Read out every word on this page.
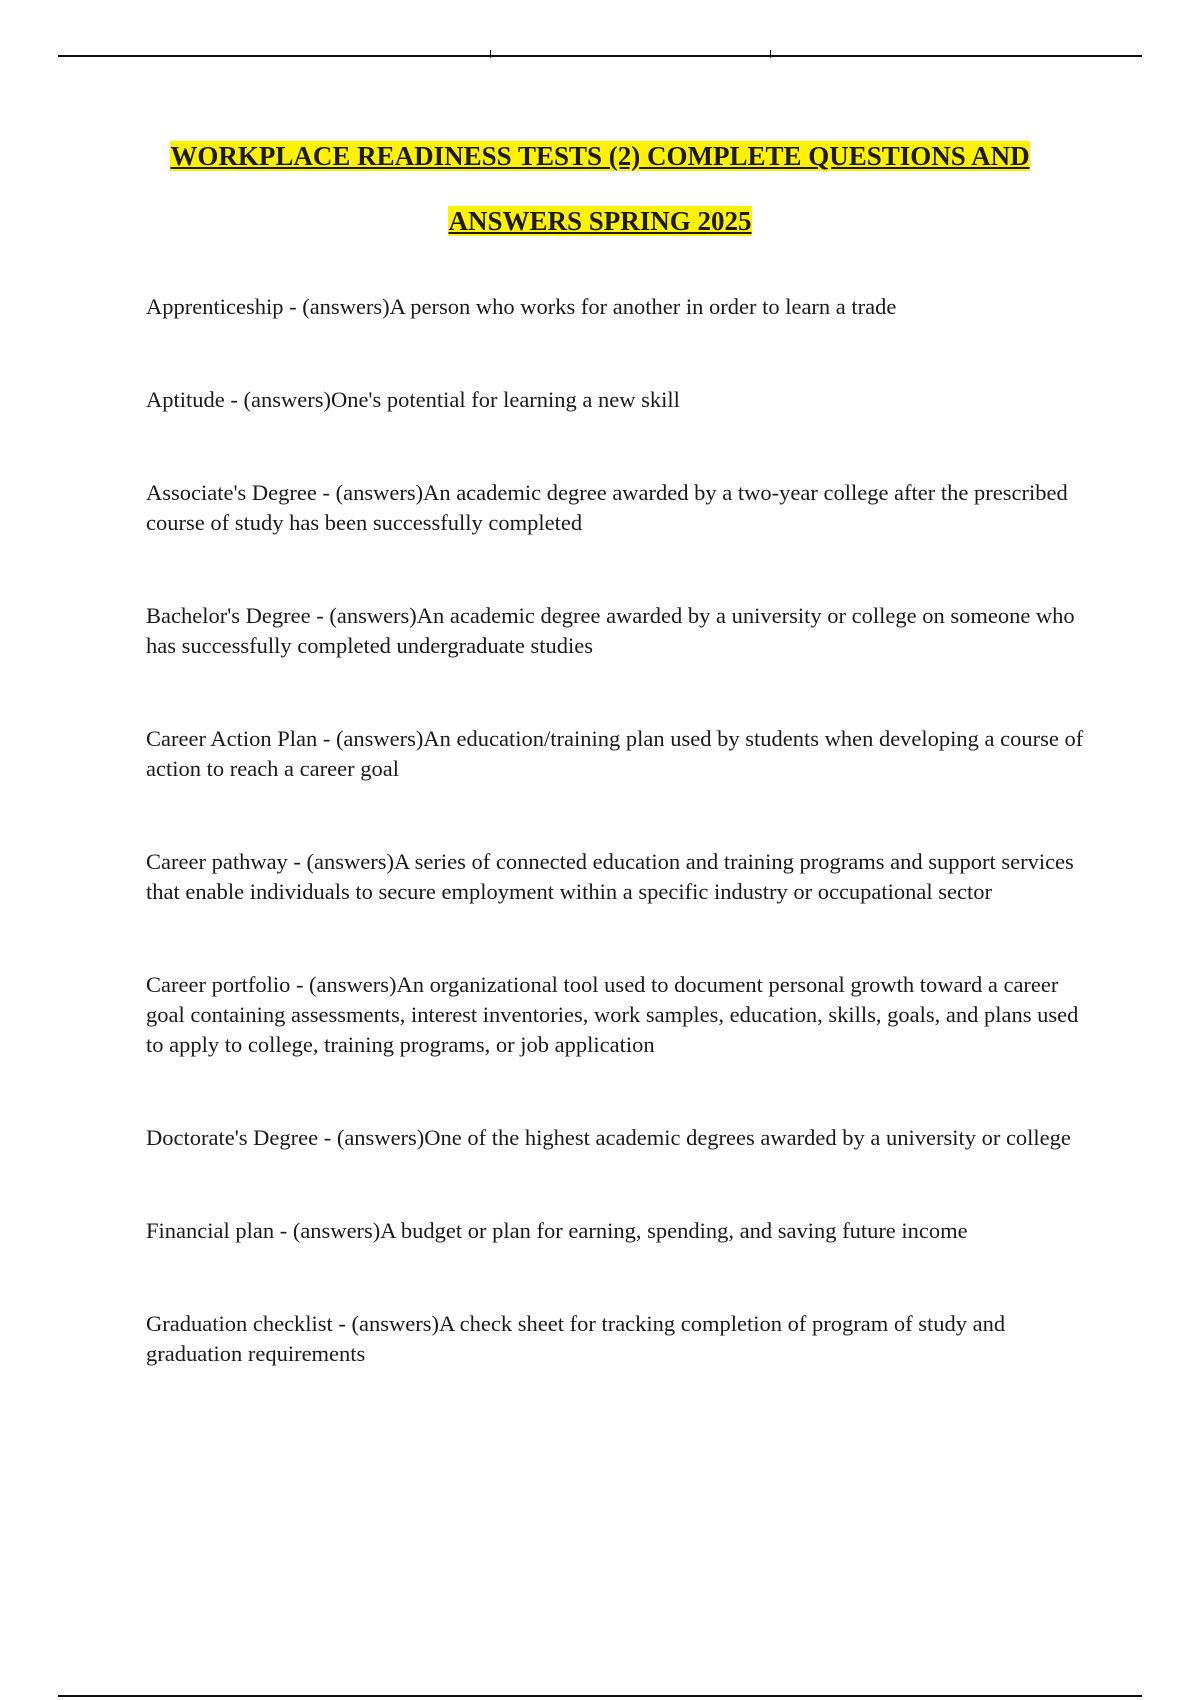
WORKPLACE READINESS TESTS (2) COMPLETE QUESTIONS AND

ANSWERS SPRING 2025

Apprenticeship - (answers)A person who works for another in order to learn a trade

Aptitude - (answers)One's potential for learning a new skill

Associate's Degree - (answers)An academic degree awarded by a two-year college after the prescribed course of study has been successfully completed

Bachelor's Degree - (answers)An academic degree awarded by a university or college on someone who has successfully completed undergraduate studies

Career Action Plan - (answers)An education/training plan used by students when developing a course of action to reach a career goal

Career pathway - (answers)A series of connected education and training programs and support services that enable individuals to secure employment within a specific industry or occupational sector

Career portfolio - (answers)An organizational tool used to document personal growth toward a career goal containing assessments, interest inventories, work samples, education, skills, goals, and plans used to apply to college, training programs, or job application

Doctorate's Degree - (answers)One of the highest academic degrees awarded by a university or college

Financial plan - (answers)A budget or plan for earning, spending, and saving future income

Graduation checklist - (answers)A check sheet for tracking completion of program of study and graduation requirements
